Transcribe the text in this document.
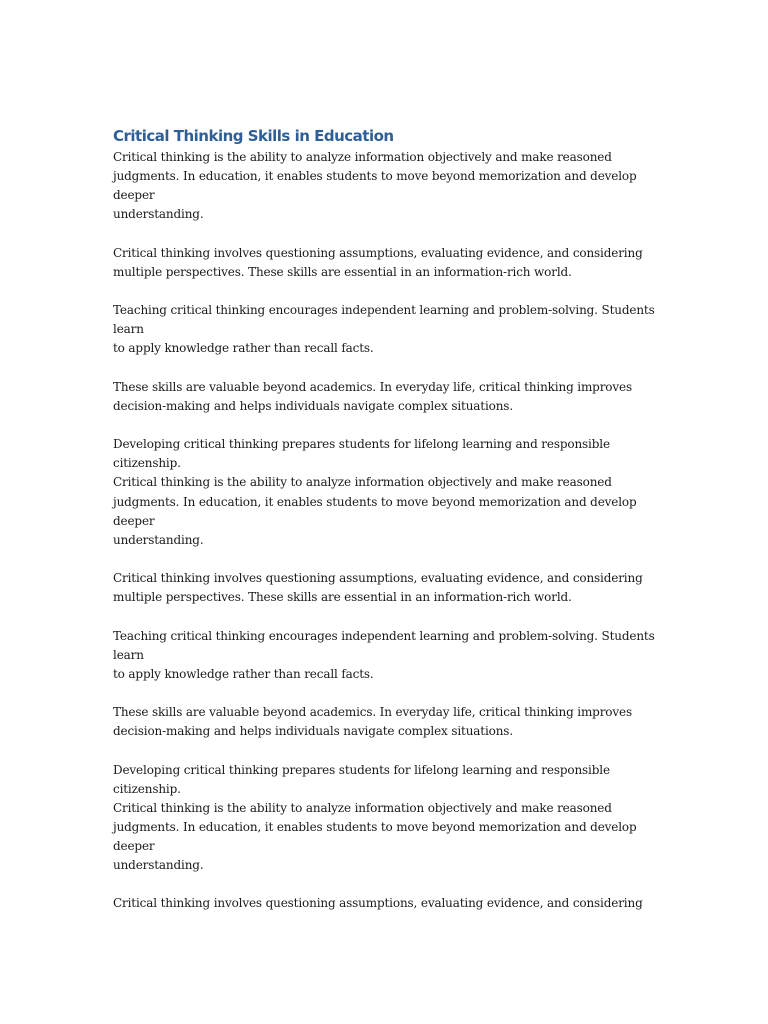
Critical Thinking Skills in Education
Critical thinking is the ability to analyze information objectively and make reasoned
judgments. In education, it enables students to move beyond memorization and develop
deeper
understanding.
Critical thinking involves questioning assumptions, evaluating evidence, and considering
multiple perspectives. These skills are essential in an information-rich world.
Teaching critical thinking encourages independent learning and problem-solving. Students
learn
to apply knowledge rather than recall facts.
These skills are valuable beyond academics. In everyday life, critical thinking improves
decision-making and helps individuals navigate complex situations.
Developing critical thinking prepares students for lifelong learning and responsible
citizenship.
Critical thinking is the ability to analyze information objectively and make reasoned
judgments. In education, it enables students to move beyond memorization and develop
deeper
understanding.
Critical thinking involves questioning assumptions, evaluating evidence, and considering
multiple perspectives. These skills are essential in an information-rich world.
Teaching critical thinking encourages independent learning and problem-solving. Students
learn
to apply knowledge rather than recall facts.
These skills are valuable beyond academics. In everyday life, critical thinking improves
decision-making and helps individuals navigate complex situations.
Developing critical thinking prepares students for lifelong learning and responsible
citizenship.
Critical thinking is the ability to analyze information objectively and make reasoned
judgments. In education, it enables students to move beyond memorization and develop
deeper
understanding.
Critical thinking involves questioning assumptions, evaluating evidence, and considering
